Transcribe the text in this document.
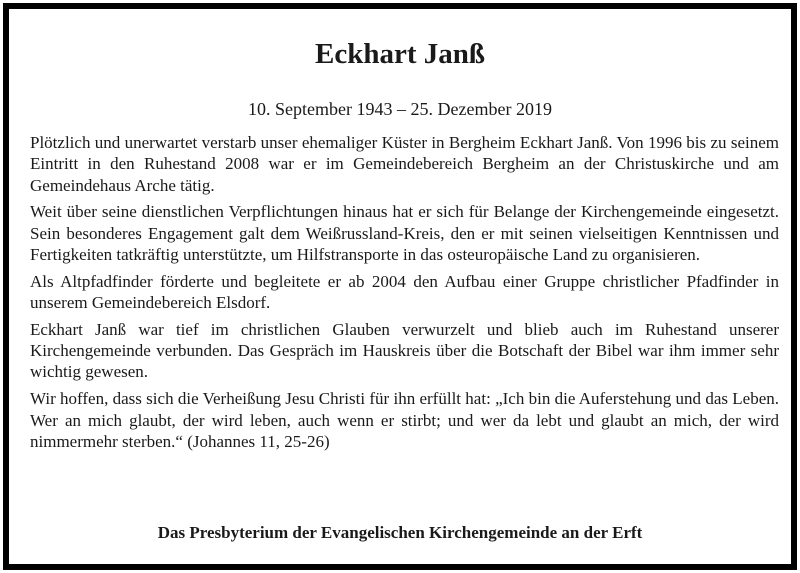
Eckhart Janß
10. September 1943 – 25. Dezember 2019

Plötzlich und unerwartet verstarb unser ehemaliger Küster in Bergheim Eckhart Janß. Von 1996 bis zu seinem Eintritt in den Ruhestand 2008 war er im Gemeindebereich Bergheim an der Christuskirche und am Gemeindehaus Arche tätig.

Weit über seine dienstlichen Verpflichtungen hinaus hat er sich für Belange der Kirchengemeinde eingesetzt. Sein besonderes Engagement galt dem Weißrussland-Kreis, den er mit seinen vielseitigen Kenntnissen und Fertigkeiten tatkräftig unterstützte, um Hilfstransporte in das osteuropäische Land zu organisieren.

Als Altpfadfinder förderte und begleitete er ab 2004 den Aufbau einer Gruppe christlicher Pfadfinder in unserem Gemeindebereich Elsdorf.

Eckhart Janß war tief im christlichen Glauben verwurzelt und blieb auch im Ruhestand unserer Kirchengemeinde verbunden. Das Gespräch im Hauskreis über die Botschaft der Bibel war ihm immer sehr wichtig gewesen.

Wir hoffen, dass sich die Verheißung Jesu Christi für ihn erfüllt hat: „Ich bin die Auferstehung und das Leben. Wer an mich glaubt, der wird leben, auch wenn er stirbt; und wer da lebt und glaubt an mich, der wird nimmermehr sterben.“ (Johannes 11, 25-26)

Das Presbyterium der Evangelischen Kirchengemeinde an der Erft
